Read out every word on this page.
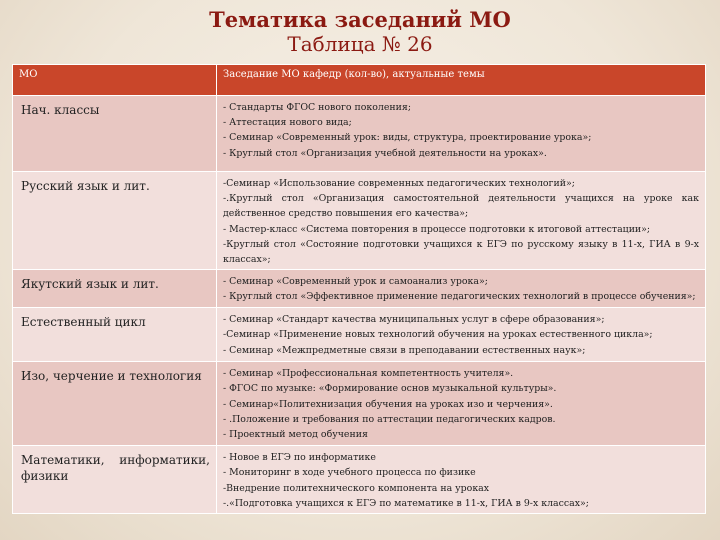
Тематика заседаний МО
Таблица № 26
МО	Заседание МО кафедр (кол-во), актуальные темы
Нач. классы	- Стандарты ФГОС нового поколения;
- Аттестация нового вида;
- Семинар «Современный урок: виды, структура, проектирование урока»;
- Круглый стол «Организация учебной деятельности на уроках».

Русский язык и лит.	-Семинар «Использование современных педагогических технологий»;
-.Круглый стол «Организация самостоятельной деятельности учащихся на уроке как действенное средство повышения его качества»;
- Мастер-класс «Система повторения в процессе подготовки к итоговой аттестации»;
-Круглый стол «Состояние подготовки учащихся к ЕГЭ по русскому языку в 11-х, ГИА в 9-х классах»;

Якутский язык и лит.	- Семинар «Современный урок и самоанализ урока»;
- Круглый стол «Эффективное применение педагогических технологий в процессе обучения»;

Естественный цикл	- Семинар «Стандарт качества муниципальных услуг в сфере образования»;
-Семинар «Применение новых технологий обучения на уроках естественного цикла»;
- Семинар «Межпредметные связи в преподавании естественных наук»;

Изо, черчение и технология	- Семинар «Профессиональная компетентность учителя».
- ФГОС по музыке: «Формирование основ музыкальной культуры».
- Семинар«Политехнизация обучения на уроках изо и черчения».
- .Положение и требования по аттестации педагогических кадров.
- Проектный метод обучения

Математики, информатики, физики	- Новое в ЕГЭ по информатике
- Мониторинг в ходе учебного процесса по физике
-Внедрение политехнического компонента на уроках
-.«Подготовка учащихся к ЕГЭ по математике в 11-х, ГИА в 9-х классах»;
